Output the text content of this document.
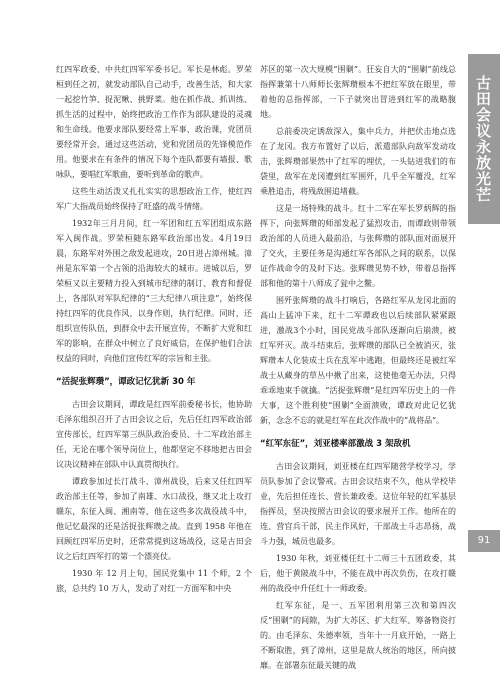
红四军政委、中共红四军军委书记。军长是林彪。罗荣桓到任之初，就发动部队自己动手，改善生活，和大家一起挖竹笋、捉泥鳅、挑野菜。他在抓作战、抓训练、抓生活的过程中，始终把政治工作作为部队建设的灵魂和生命线。他要求部队要经常上军事、政治课，党团员要经常开会，通过这些活动，党和党团员的先锋模范作用。他要求在有条件的情况下每个连队都要有墙报、歌咏队，要唱红军歌曲，要听到革命的歌声。

这些生动活泼又扎扎实实的思想政治工作，使红四军广大指战员始终保持了旺盛的战斗情绪。

1932年三月月间，红一军团和红五军团组成东路军入闽作战。罗荣桓随东路军政治部出发。4月19日晨，东路军对外围之敌发起进攻，20日进占漳州城。漳州是东军第一个占领的沿海较大的城市。进城以后，罗荣桓又以主要精力投入到城市纪律的制订、教育和督促上，各部队对军队纪律的“三大纪律八项注意”，始终保持红四军的优良作风，以身作则，执行纪律。同时，还组织宣传队伍，到群众中去开展宣传，不断扩大党和红军的影响，在群众中树立了良好威信，在保护他们合法权益的同时，向他们宣传红军的宗旨和主张。

“活捉张辉瓒”，谭政记忆犹新 30 年

古田会议期间，谭政是红四军前委秘书长，他协助毛泽东组织召开了古田会议之后，先后任红四军政治部宣传部长，红四军第三纵队政治委员、十二军政治部主任，无论在哪个领导岗位上，他都坚定不移地把古田会议决议精神在部队中认真贯彻执行。

谭政参加过长汀战斗、漳州战役，后来又任红四军政治部主任等，参加了南雄、水口战役，继又北上攻打赣东，东征入闽、湘南等，他在这些多次战役战斗中，他记忆最深的还是活捉张辉瓒之战。直到 1958 年他在回顾红四军历史时，还常常提到这场战役，这是古田会议之后红四军打的第一个漂亮仗。

1930 年 12 月上旬，国民党集中 11 个师，2 个旅，总共约 10 万人，发动了对红一方面军和中央

苏区的第一次大规模“围剿”。狂妄自大的“围剿”前线总指挥兼第十八师师长张辉瓒根本不把红军放在眼里，带着他的总指挥部，一下子就突出冒进到红军的战略腹地。

总前委决定诱敌深入，集中兵力，并把伏击地点选在了龙冈。我方布置好了以后，派遣部队向敌军发动攻击，张辉瓒部果然中了红军的埋伏，一头钻进我们的布袋里，敌军在龙冈遭到红军围歼，几乎全军覆没，红军乘胜追击，将残敌围追堵截。

这是一场特殊的战斗。红十二军在军长罗炳辉的指挥下，向张辉瓒的师部发起了猛烈攻击，而谭政则带领政治部的人员进入最前沿，与张辉瓒的部队面对面展开了交火，主要任务是沟通红军各部队之间的联系，以保证作战命令的及时下达。张辉瓒见势不妙，带着总指挥部和他的第十八师成了瓮中之鳖。

围歼张辉瓒的战斗打响后，各路红军从龙冈北面的高山上猛冲下来，红十二军谭政也以后续部队紧紧跟进，激战3个小时，国民党战斗部队逐渐向后崩溃，被红军歼灭。战斗结束后，张辉瓒的部队已全被消灭，张辉瓒本人化装成士兵在乱军中逃跑，但最终还是被红军战士从藏身的草丛中揪了出来，这使他毫无办法，只得乖乖地束手就擒。“活捉张辉瓒”是红四军历史上的一件大事，这个胜利使“围剿”全面溃败，谭政对此记忆犹新，念念不忘的就是红军在此次作战中的“战将品”。

“红军东征”，刘亚楼率部激战 3 架敌机

古田会议期间，刘亚楼在红四军随营学校学习，学员队参加了会议警戒。古田会议结束不久，他从学校毕业，先后担任连长、营长兼政委。这位年轻的红军基层指挥员，坚决按照古田会议的要求展开工作。他所在的连、营官兵干部，民主作风好，干部战士斗志昂扬，战斗力强，城员也最多。

1930 年秋，刘亚楼任红十二师三十五团政委，其后，他于黄陂战斗中，不能在战中再次负伤，在攻打赣州的战役中升任红十一师政委。

红军东征，是一、五军团利用第三次和第四次反“围剿”的间隙，为扩大苏区、扩大红军、筹备物资打的。由毛泽东、朱德率领，当年十一月底开始，一路上不断取胜，到了漳州，这里是敌人统治的地区，所向披靡。在部署东征最关键的战

古田会议永放光芒
91
